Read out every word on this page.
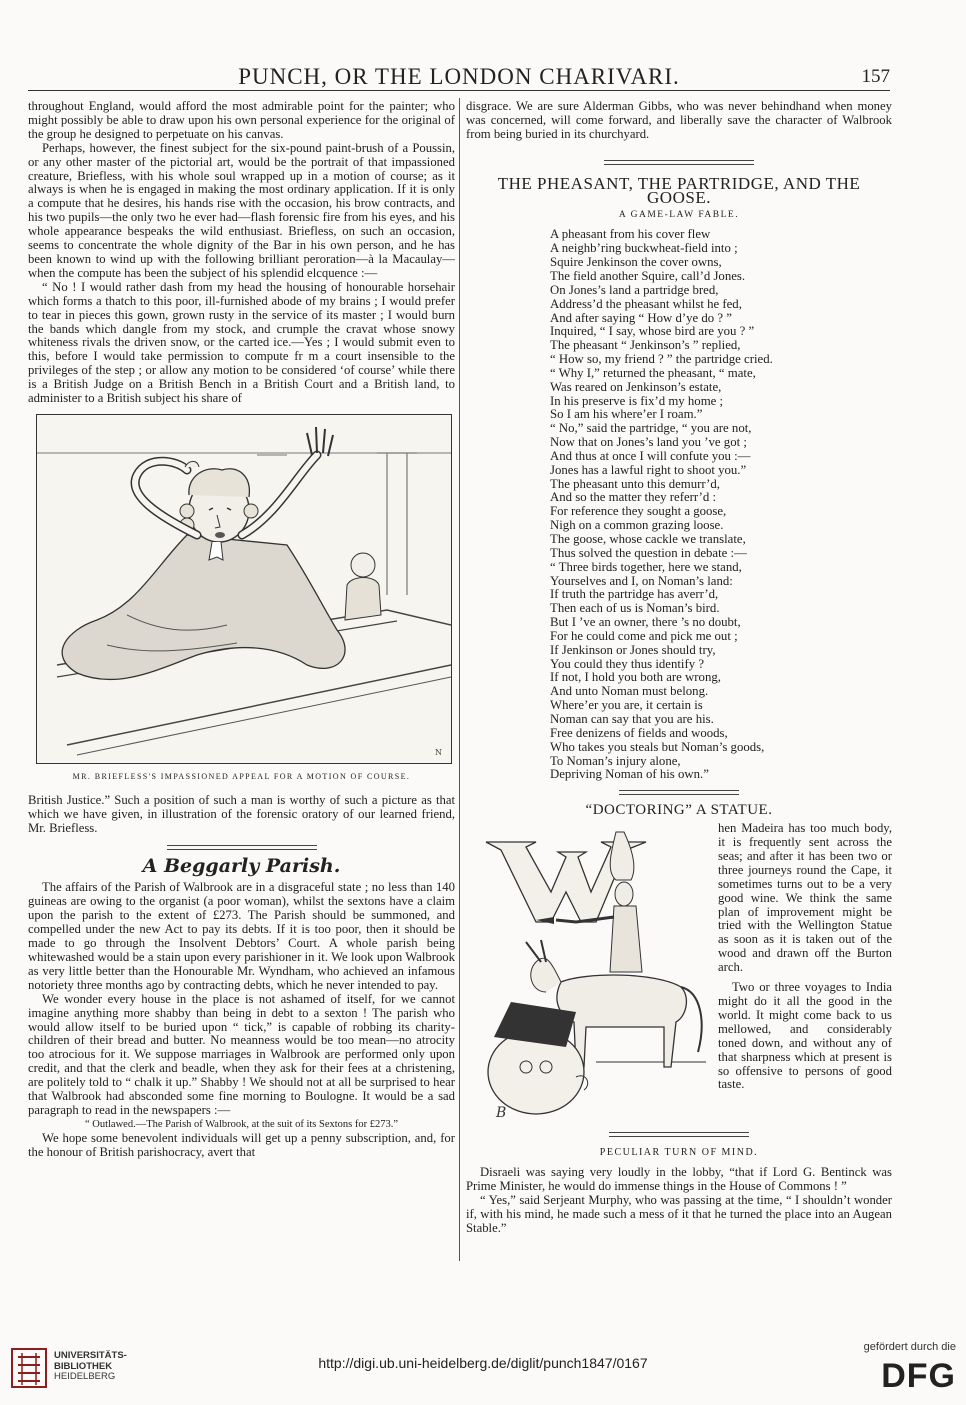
PUNCH, OR THE LONDON CHARIVARI.	157

throughout England, would afford the most admirable point for the painter; who might possibly be able to draw upon his own personal experience for the original of the group he designed to perpetuate on his canvas.

Perhaps, however, the finest subject for the six-pound paint-brush of a Poussin, or any other master of the pictorial art, would be the portrait of that impassioned creature, Briefless, with his whole soul wrapped up in a motion of course; as it always is when he is engaged in making the most ordinary application. If it is only a compute that he desires, his hands rise with the occasion, his brow contracts, and his two pupils—the only two he ever had—flash forensic fire from his eyes, and his whole appearance bespeaks the wild enthusiast. Briefless, on such an occasion, seems to concentrate the whole dignity of the Bar in his own person, and he has been known to wind up with the following brilliant peroration—à la Macaulay—when the compute has been the subject of his splendid elcquence :—

“ No ! I would rather dash from my head the housing of honourable horsehair which forms a thatch to this poor, ill-furnished abode of my brains ; I would prefer to tear in pieces this gown, grown rusty in the service of its master ; I would burn the bands which dangle from my stock, and crumple the cravat whose snowy whiteness rivals the driven snow, or the carted ice.—Yes ; I would submit even to this, before I would take permission to compute fr m a court insensible to the privileges of the step ; or allow any motion to be considered ‘of course’ while there is a British Judge on a British Bench in a British Court and a British land, to administer to a British subject his share of

N
MR. BRIEFLESS'S IMPASSIONED APPEAL FOR A MOTION OF COURSE.

British Justice.” Such a position of such a man is worthy of such a picture as that which we have given, in illustration of the forensic oratory of our learned friend, Mr. Briefless.

A Beggarly Parish.

The affairs of the Parish of Walbrook are in a disgraceful state ; no less than 140 guineas are owing to the organist (a poor woman), whilst the sextons have a claim upon the parish to the extent of £273. The Parish should be summoned, and compelled under the new Act to pay its debts. If it is too poor, then it should be made to go through the Insolvent Debtors’ Court. A whole parish being whitewashed would be a stain upon every parishioner in it. We look upon Walbrook as very little better than the Honourable Mr. Wyndham, who achieved an infamous notoriety three months ago by contracting debts, which he never intended to pay.

We wonder every house in the place is not ashamed of itself, for we cannot imagine anything more shabby than being in debt to a sexton ! The parish who would allow itself to be buried upon “ tick,” is capable of robbing its charity-children of their bread and butter. No meanness would be too mean—no atrocity too atrocious for it. We suppose marriages in Walbrook are performed only upon credit, and that the clerk and beadle, when they ask for their fees at a christening, are politely told to “ chalk it up.” Shabby ! We should not at all be surprised to hear that Walbrook had absconded some fine morning to Boulogne. It would be a sad paragraph to read in the newspapers :—

“ Outlawed.—The Parish of Walbrook, at the suit of its Sextons for £273.”

We hope some benevolent individuals will get up a penny subscription, and, for the honour of British parishocracy, avert that

disgrace. We are sure Alderman Gibbs, who was never behindhand when money was concerned, will come forward, and liberally save the character of Walbrook from being buried in its churchyard.

THE PHEASANT, THE PARTRIDGE, AND THE GOOSE.
A GAME-LAW FABLE.

A pheasant from his cover flew

A neighb’ring buckwheat-field into ;

Squire Jenkinson the cover owns,

The field another Squire, call’d Jones.

On Jones’s land a partridge bred,

Address’d the pheasant whilst he fed,

And after saying “ How d’ye do ? ”

Inquired, “ I say, whose bird are you ? ”

The pheasant “ Jenkinson’s ” replied,

“ How so, my friend ? ” the partridge cried.

“ Why I,” returned the pheasant, “ mate,

Was reared on Jenkinson’s estate,

In his preserve is fix’d my home ;

So I am his where’er I roam.”

“ No,” said the partridge, “ you are not,

Now that on Jones’s land you ’ve got ;

And thus at once I will confute you :—

Jones has a lawful right to shoot you.”

The pheasant unto this demurr’d,

And so the matter they referr’d :

For reference they sought a goose,

Nigh on a common grazing loose.

The goose, whose cackle we translate,

Thus solved the question in debate :—

“ Three birds together, here we stand,

Yourselves and I, on Noman’s land:

If truth the partridge has averr’d,

Then each of us is Noman’s bird.

But I ’ve an owner, there ’s no doubt,

For he could come and pick me out ;

If Jenkinson or Jones should try,

You could they thus identify ?

If not, I hold you both are wrong,

And unto Noman must belong.

Where’er you are, it certain is

Noman can say that you are his.

Free denizens of fields and woods,

Who takes you steals but Noman’s goods,

To Noman’s injury alone,

Depriving Noman of his own.”

“DOCTORING” A STATUE.
B

hen Madeira has too much body, it is frequently sent across the seas; and after it has been two or three journeys round the Cape, it sometimes turns out to be a very good wine. We think the same plan of improvement might be tried with the Wellington Statue as soon as it is taken out of the wood and drawn off the Burton arch.

Two or three voyages to India might do it all the good in the world. It might come back to us mellowed, and considerably toned down, and without any of that sharpness which at present is so offensive to persons of good taste.

PECULIAR TURN OF MIND.

Disraeli was saying very loudly in the lobby, “that if Lord G. Bentinck was Prime Minister, he would do immense things in the House of Commons ! ”

“ Yes,” said Serjeant Murphy, who was passing at the time, “ I shouldn’t wonder if, with his mind, he made such a mess of it that he turned the place into an Augean Stable.”

UNIVERSITÄTS-
BIBLIOTHEK
HEIDELBERG
http://digi.ub.uni-heidelberg.de/diglit/punch1847/0167
gefördert durch die
DFG
